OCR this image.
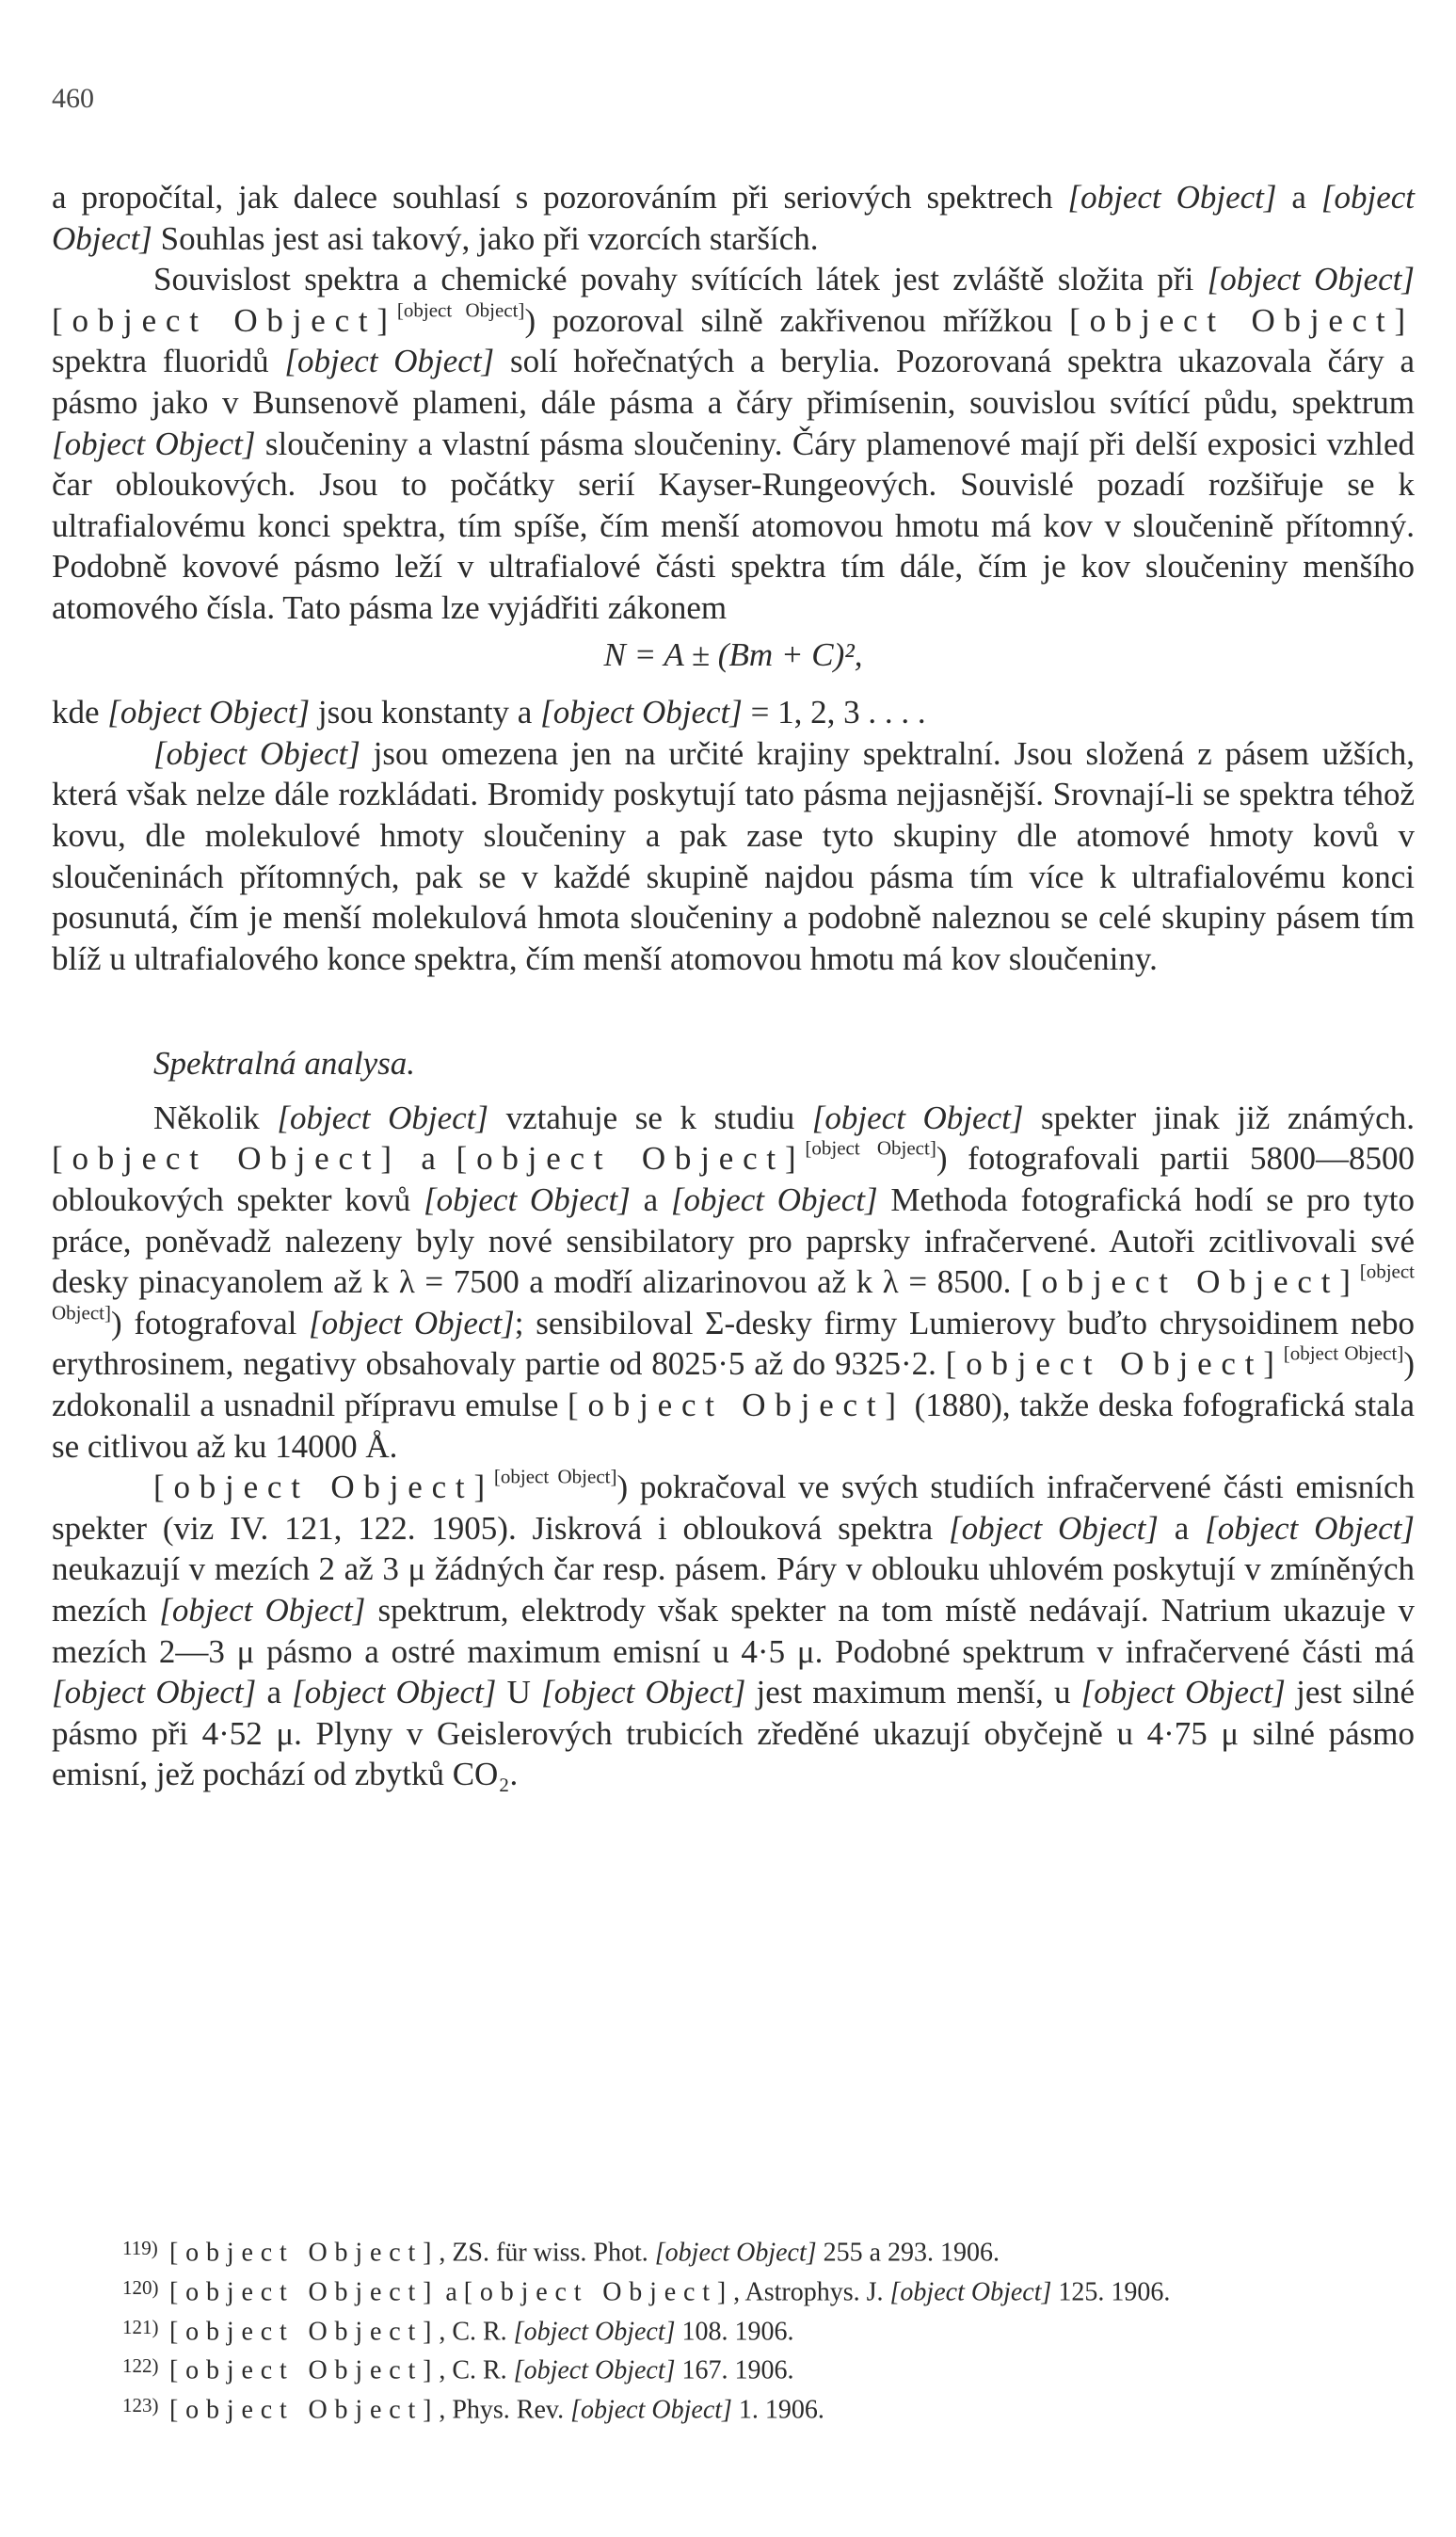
460

a propočítal, jak dalece souhlasí s pozorováním při seriových spektrech [object Object] a [object Object] Souhlas jest asi takový, jako při vzorcích starších.

Souvislost spektra a chemické povahy svítících látek jest zvláště složita při [object Object] [object Object][object Object]) pozoroval silně zakřivenou mřížkou [object Object] spektra fluoridů [object Object] solí hořečnatých a berylia. Pozorovaná spektra ukazovala čáry a pásmo jako v Bunsenově plameni, dále pásma a čáry přimísenin, souvislou svítící půdu, spektrum [object Object] sloučeniny a vlastní pásma sloučeniny. Čáry plamenové mají při delší exposici vzhled čar obloukových. Jsou to počátky serií Kayser-Rungeových. Souvislé pozadí rozšiřuje se k ultrafialovému konci spektra, tím spíše, čím menší atomovou hmotu má kov v sloučenině přítomný. Podobně kovové pásmo leží v ultrafialové části spektra tím dále, čím je kov sloučeniny menšího atomového čísla. Tato pásma lze vyjádřiti zákonem

N = A ± (Bm + C)²,

kde [object Object] jsou konstanty a [object Object] = 1, 2, 3 . . . .

[object Object] jsou omezena jen na určité krajiny spektralní. Jsou složená z pásem užších, která však nelze dále rozkládati. Bromidy poskytují tato pásma nejjasnější. Srovnají-li se spektra téhož kovu, dle molekulové hmoty sloučeniny a pak zase tyto skupiny dle atomové hmoty kovů v sloučeninách přítomných, pak se v každé skupině najdou pásma tím více k ultrafialovému konci posunutá, čím je menší molekulová hmota sloučeniny a podobně naleznou se celé skupiny pásem tím blíž u ultrafialového konce spektra, čím menší atomovou hmotu má kov sloučeniny.

Spektralná analysa.

Několik [object Object] vztahuje se k studiu [object Object] spekter jinak již známých. [object Object] a [object Object][object Object]) fotografovali partii 5800—8500 obloukových spekter kovů [object Object] a [object Object] Methoda fotografická hodí se pro tyto práce, poněvadž nalezeny byly nové sensibilatory pro paprsky infračervené. Autoři zcitlivovali své desky pinacyanolem až k λ = 7500 a modří alizarinovou až k λ = 8500. [object Object][object Object]) fotografoval [object Object]; sensibiloval Σ-desky firmy Lumierovy buďto chrysoidinem nebo erythrosinem, negativy obsahovaly partie od 8025·5 až do 9325·2. [object Object][object Object]) zdokonalil a usnadnil přípravu emulse [object Object] (1880), takže deska fofografická stala se citlivou až ku 14000 Å.

[object Object][object Object]) pokračoval ve svých studiích infračervené části emisních spekter (viz IV. 121, 122. 1905). Jiskrová i oblouková spektra [object Object] a [object Object] neukazují v mezích 2 až 3 μ žádných čar resp. pásem. Páry v oblouku uhlovém poskytují v zmíněných mezích [object Object] spektrum, elektrody však spekter na tom místě nedávají. Natrium ukazuje v mezích 2—3 μ pásmo a ostré maximum emisní u 4·5 μ. Podobné spektrum v infračervené části má [object Object] a [object Object] U [object Object] jest maximum menší, u [object Object] jest silné pásmo při 4·52 μ. Plyny v Geislerových trubicích zředěné ukazují obyčejně u 4·75 μ silné pásmo emisní, jež pochází od zbytků CO₂.

119) [object Object], ZS. für wiss. Phot. [object Object] 255 a 293. 1906.

120) [object Object] a [object Object], Astrophys. J. [object Object] 125. 1906.

121) [object Object], C. R. [object Object] 108. 1906.

122) [object Object], C. R. [object Object] 167. 1906.

123) [object Object], Phys. Rev. [object Object] 1. 1906.
